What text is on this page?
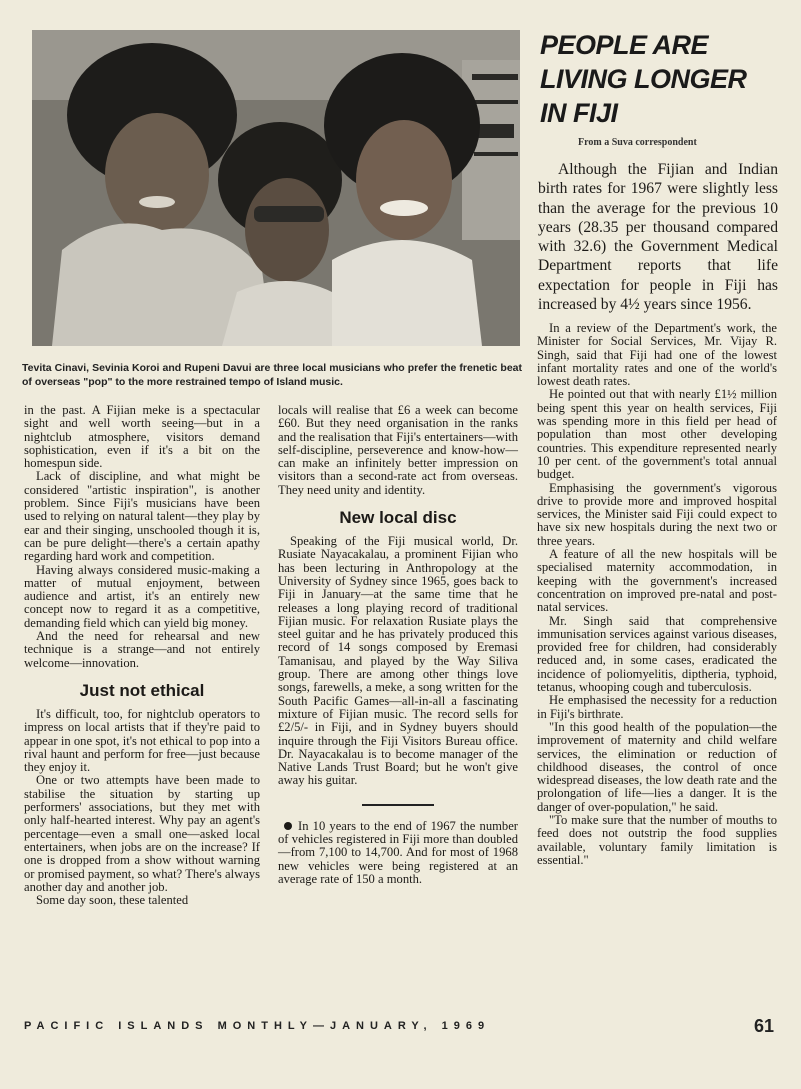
Tevita Cinavi, Sevinia Koroi and Rupeni Davui are three local musicians who prefer the frenetic beat of overseas "pop" to the more restrained tempo of Island music.

PEOPLE ARE
LIVING LONGER
IN FIJI
From a Suva correspondent

Although the Fijian and Indian birth rates for 1967 were slightly less than the average for the previous 10 years (28.35 per thousand compared with 32.6) the Government Medical Department reports that life expectation for people in Fiji has increased by 4½ years since 1956.

in the past. A Fijian meke is a spectacular sight and well worth seeing—but in a nightclub atmosphere, visitors demand sophistication, even if it's a bit on the homespun side.

Lack of discipline, and what might be considered "artistic inspiration", is another problem. Since Fiji's musicians have been used to relying on natural talent—they play by ear and their singing, unschooled though it is, can be pure delight—there's a certain apathy regarding hard work and competition.

Having always considered music-making a matter of mutual enjoyment, between audience and artist, it's an entirely new concept now to regard it as a competitive, demanding field which can yield big money.

And the need for rehearsal and new technique is a strange—and not entirely welcome—innovation.

Just not ethical

It's difficult, too, for nightclub operators to impress on local artists that if they're paid to appear in one spot, it's not ethical to pop into a rival haunt and perform for free—just because they enjoy it.

One or two attempts have been made to stabilise the situation by starting up performers' associations, but they met with only half-hearted interest. Why pay an agent's percentage—even a small one—asked local entertainers, when jobs are on the increase? If one is dropped from a show without warning or promised payment, so what? There's always another day and another job.

Some day soon, these talented

locals will realise that £6 a week can become £60. But they need organisation in the ranks and the realisation that Fiji's entertainers—with self-discipline, perseverence and know-how—can make an infinitely better impression on visitors than a second-rate act from overseas. They need unity and identity.

New local disc

Speaking of the Fiji musical world, Dr. Rusiate Nayacakalau, a prominent Fijian who has been lecturing in Anthropology at the University of Sydney since 1965, goes back to Fiji in January—at the same time that he releases a long playing record of traditional Fijian music. For relaxation Rusiate plays the steel guitar and he has privately produced this record of 14 songs composed by Eremasi Tamanisau, and played by the Way Siliva group. There are among other things love songs, farewells, a meke, a song written for the South Pacific Games—all-in-all a fascinating mixture of Fijian music. The record sells for £2/5/- in Fiji, and in Sydney buyers should inquire through the Fiji Visitors Bureau office. Dr. Nayacakalau is to become manager of the Native Lands Trust Board; but he won't give away his guitar.

In 10 years to the end of 1967 the number of vehicles registered in Fiji more than doubled—from 7,100 to 14,700. And for most of 1968 new vehicles were being registered at an average rate of 150 a month.

In a review of the Department's work, the Minister for Social Services, Mr. Vijay R. Singh, said that Fiji had one of the lowest infant mortality rates and one of the world's lowest death rates.

He pointed out that with nearly £1½ million being spent this year on health services, Fiji was spending more in this field per head of population than most other developing countries. This expenditure represented nearly 10 per cent. of the government's total annual budget.

Emphasising the government's vigorous drive to provide more and improved hospital services, the Minister said Fiji could expect to have six new hospitals during the next two or three years.

A feature of all the new hospitals will be specialised maternity accommodation, in keeping with the government's increased concentration on improved pre-natal and post-natal services.

Mr. Singh said that comprehensive immunisation services against various diseases, provided free for children, had considerably reduced and, in some cases, eradicated the incidence of poliomyelitis, diptheria, typhoid, tetanus, whooping cough and tuberculosis.

He emphasised the necessity for a reduction in Fiji's birthrate.

"In this good health of the population—the improvement of maternity and child welfare services, the elimination or reduction of childhood diseases, the control of once widespread diseases, the low death rate and the prolongation of life—lies a danger. It is the danger of over-population," he said.

"To make sure that the number of mouths to feed does not outstrip the food supplies available, voluntary family limitation is essential."

PACIFIC ISLANDS MONTHLY—JANUARY, 1969	61
